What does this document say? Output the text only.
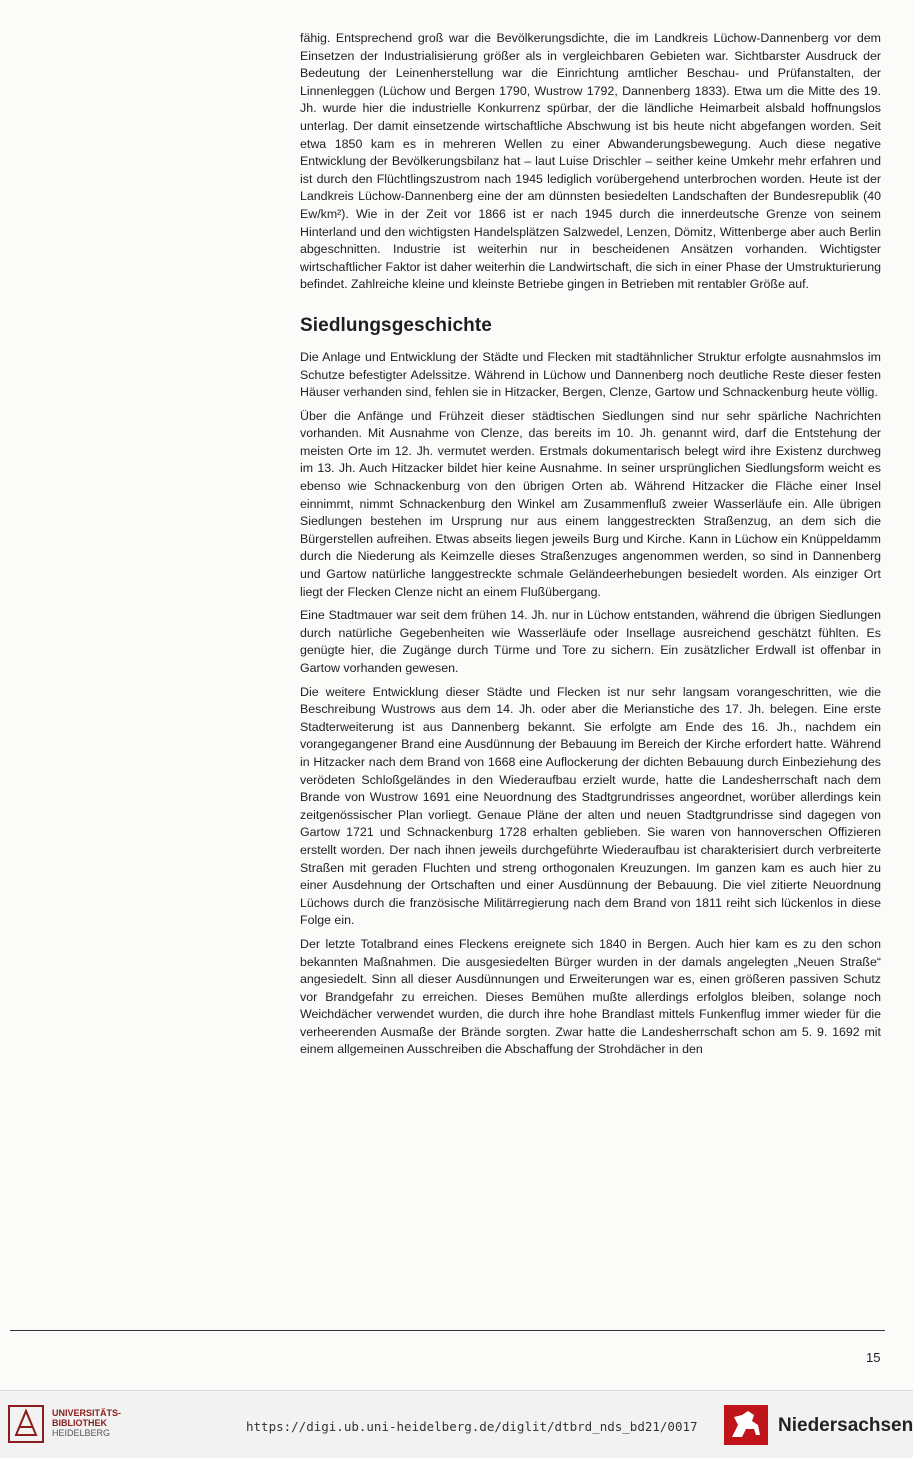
fähig. Entsprechend groß war die Bevölkerungsdichte, die im Landkreis Lüchow-Dannenberg vor dem Einsetzen der Industrialisierung größer als in vergleichbaren Gebieten war. Sichtbarster Ausdruck der Bedeutung der Leinenherstellung war die Einrichtung amtlicher Beschau- und Prüfanstalten, der Linnenleggen (Lüchow und Bergen 1790, Wustrow 1792, Dannenberg 1833). Etwa um die Mitte des 19. Jh. wurde hier die industrielle Konkurrenz spürbar, der die ländliche Heimarbeit alsbald hoffnungslos unterlag. Der damit einsetzende wirtschaftliche Abschwung ist bis heute nicht abgefangen worden. Seit etwa 1850 kam es in mehreren Wellen zu einer Abwanderungsbewegung. Auch diese negative Entwicklung der Bevölkerungsbilanz hat – laut Luise Drischler – seither keine Umkehr mehr erfahren und ist durch den Flüchtlingszustrom nach 1945 lediglich vorübergehend unterbrochen worden. Heute ist der Landkreis Lüchow-Dannenberg eine der am dünnsten besiedelten Landschaften der Bundesrepublik (40 Ew/km²). Wie in der Zeit vor 1866 ist er nach 1945 durch die innerdeutsche Grenze von seinem Hinterland und den wichtigsten Handelsplätzen Salzwedel, Lenzen, Dömitz, Wittenberge aber auch Berlin abgeschnitten. Industrie ist weiterhin nur in bescheidenen Ansätzen vorhanden. Wichtigster wirtschaftlicher Faktor ist daher weiterhin die Landwirtschaft, die sich in einer Phase der Umstrukturierung befindet. Zahlreiche kleine und kleinste Betriebe gingen in Betrieben mit rentabler Größe auf.

Siedlungsgeschichte

Die Anlage und Entwicklung der Städte und Flecken mit stadtähnlicher Struktur erfolgte ausnahmslos im Schutze befestigter Adelssitze. Während in Lüchow und Dannenberg noch deutliche Reste dieser festen Häuser verhanden sind, fehlen sie in Hitzacker, Bergen, Clenze, Gartow und Schnackenburg heute völlig.

Über die Anfänge und Frühzeit dieser städtischen Siedlungen sind nur sehr spärliche Nachrichten vorhanden. Mit Ausnahme von Clenze, das bereits im 10. Jh. genannt wird, darf die Entstehung der meisten Orte im 12. Jh. vermutet werden. Erstmals dokumentarisch belegt wird ihre Existenz durchweg im 13. Jh. Auch Hitzacker bildet hier keine Ausnahme. In seiner ursprünglichen Siedlungsform weicht es ebenso wie Schnackenburg von den übrigen Orten ab. Während Hitzacker die Fläche einer Insel einnimmt, nimmt Schnackenburg den Winkel am Zusammenfluß zweier Wasserläufe ein. Alle übrigen Siedlungen bestehen im Ursprung nur aus einem langgestreckten Straßenzug, an dem sich die Bürgerstellen aufreihen. Etwas abseits liegen jeweils Burg und Kirche. Kann in Lüchow ein Knüppeldamm durch die Niederung als Keimzelle dieses Straßenzuges angenommen werden, so sind in Dannenberg und Gartow natürliche langgestreckte schmale Geländeerhebungen besiedelt worden. Als einziger Ort liegt der Flecken Clenze nicht an einem Flußübergang.

Eine Stadtmauer war seit dem frühen 14. Jh. nur in Lüchow entstanden, während die übrigen Siedlungen durch natürliche Gegebenheiten wie Wasserläufe oder Insellage ausreichend geschätzt fühlten. Es genügte hier, die Zugänge durch Türme und Tore zu sichern. Ein zusätzlicher Erdwall ist offenbar in Gartow vorhanden gewesen.

Die weitere Entwicklung dieser Städte und Flecken ist nur sehr langsam vorangeschritten, wie die Beschreibung Wustrows aus dem 14. Jh. oder aber die Merianstiche des 17. Jh. belegen. Eine erste Stadterweiterung ist aus Dannenberg bekannt. Sie erfolgte am Ende des 16. Jh., nachdem ein vorangegangener Brand eine Ausdünnung der Bebauung im Bereich der Kirche erfordert hatte. Während in Hitzacker nach dem Brand von 1668 eine Auflockerung der dichten Bebauung durch Einbeziehung des verödeten Schloßgeländes in den Wiederaufbau erzielt wurde, hatte die Landesherrschaft nach dem Brande von Wustrow 1691 eine Neuordnung des Stadtgrundrisses angeordnet, worüber allerdings kein zeitgenössischer Plan vorliegt. Genaue Pläne der alten und neuen Stadtgrundrisse sind dagegen von Gartow 1721 und Schnackenburg 1728 erhalten geblieben. Sie waren von hannoverschen Offizieren erstellt worden. Der nach ihnen jeweils durchgeführte Wiederaufbau ist charakterisiert durch verbreiterte Straßen mit geraden Fluchten und streng orthogonalen Kreuzungen. Im ganzen kam es auch hier zu einer Ausdehnung der Ortschaften und einer Ausdünnung der Bebauung. Die viel zitierte Neuordnung Lüchows durch die französische Militärregierung nach dem Brand von 1811 reiht sich lückenlos in diese Folge ein.

Der letzte Totalbrand eines Fleckens ereignete sich 1840 in Bergen. Auch hier kam es zu den schon bekannten Maßnahmen. Die ausgesiedelten Bürger wurden in der damals angelegten „Neuen Straße“ angesiedelt. Sinn all dieser Ausdünnungen und Erweiterungen war es, einen größeren passiven Schutz vor Brandgefahr zu erreichen. Dieses Bemühen mußte allerdings erfolglos bleiben, solange noch Weichdächer verwendet wurden, die durch ihre hohe Brandlast mittels Funkenflug immer wieder für die verheerenden Ausmaße der Brände sorgten. Zwar hatte die Landesherrschaft schon am 5. 9. 1692 mit einem allgemeinen Ausschreiben die Abschaffung der Strohdächer in den

15
UNIVERSITÄTS-
BIBLIOTHEK
HEIDELBERG	https://digi.ub.uni-heidelberg.de/diglit/dtbrd_nds_bd21/0017	Niedersachsen
